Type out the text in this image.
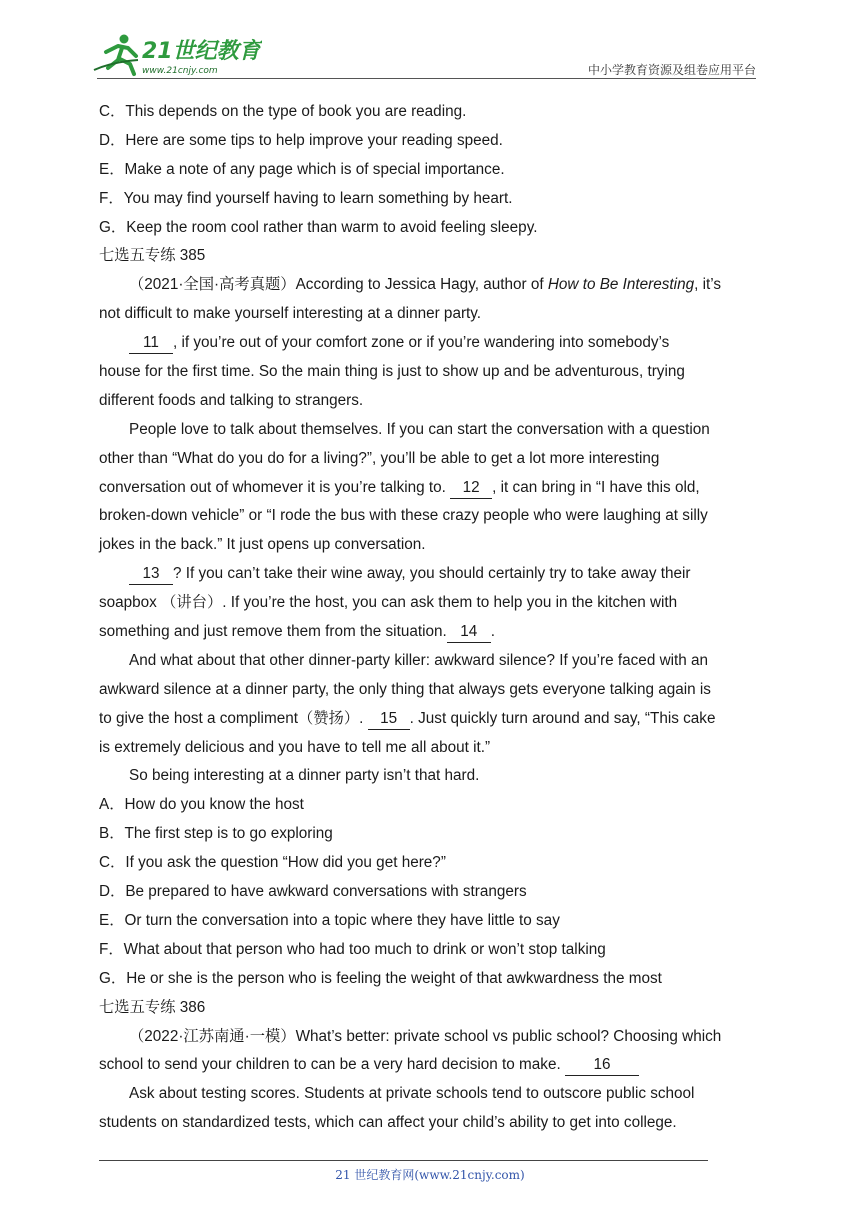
21世纪教育
www.21cnjy.com	中小学教育资源及组卷应用平台
C．This depends on the type of book you are reading.
D．Here are some tips to help improve your reading speed.
E．Make a note of any page which is of special importance.
F．You may find yourself having to learn something by heart.
G．Keep the room cool rather than warm to avoid feeling sleepy.
七选五专练 385
（2021·全国·高考真题）According to Jessica Hagy, author of How to Be Interesting, it’s
not difficult to make yourself interesting at a dinner party.
11 , if you’re out of your comfort zone or if you’re wandering into somebody’s
house for the first time. So the main thing is just to show up and be adventurous, trying
different foods and talking to strangers.
People love to talk about themselves. If you can start the conversation with a question
other than “What do you do for a living?”, you’ll be able to get a lot more interesting
conversation out of whomever it is you’re talking to. 12 , it can bring in “I have this old,
broken-down vehicle” or “I rode the bus with these crazy people who were laughing at silly
jokes in the back.” It just opens up conversation.
13 ? If you can’t take their wine away, you should certainly try to take away their
soapbox （讲台）. If you’re the host, you can ask them to help you in the kitchen with
something and just remove them from the situation. 14 .
And what about that other dinner-party killer: awkward silence? If you’re faced with an
awkward silence at a dinner party, the only thing that always gets everyone talking again is
to give the host a compliment（赞扬）. 15 . Just quickly turn around and say, “This cake
is extremely delicious and you have to tell me all about it.”
So being interesting at a dinner party isn’t that hard.
A．How do you know the host
B．The first step is to go exploring
C．If you ask the question “How did you get here?”
D．Be prepared to have awkward conversations with strangers
E．Or turn the conversation into a topic where they have little to say
F．What about that person who had too much to drink or won’t stop talking
G．He or she is the person who is feeling the weight of that awkwardness the most
七选五专练 386
（2022·江苏南通·一模）What’s better: private school vs public school? Choosing which
school to send your children to can be a very hard decision to make. 16
Ask about testing scores. Students at private schools tend to outscore public school
students on standardized tests, which can affect your child’s ability to get into college.
21 世纪教育网(www.21cnjy.com)
